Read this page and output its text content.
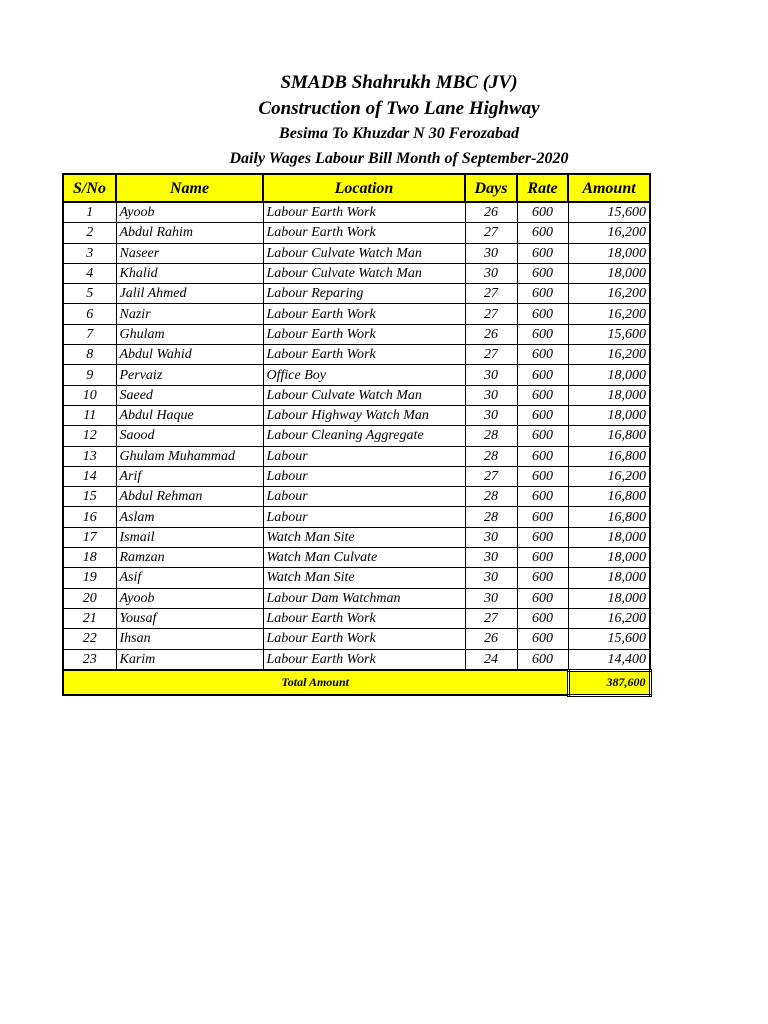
SMADB Shahrukh MBC (JV)
Construction of Two Lane Highway
Besima To Khuzdar N 30 Ferozabad
Daily Wages Labour Bill Month of September-2020
S/No	Name	Location	Days	Rate	Amount
1	Ayoob	Labour Earth Work	26	600	15,600
2	Abdul Rahim	Labour Earth Work	27	600	16,200
3	Naseer	Labour Culvate Watch Man	30	600	18,000
4	Khalid	Labour Culvate Watch Man	30	600	18,000
5	Jalil Ahmed	Labour Reparing	27	600	16,200
6	Nazir	Labour Earth Work	27	600	16,200
7	Ghulam	Labour Earth Work	26	600	15,600
8	Abdul Wahid	Labour Earth Work	27	600	16,200
9	Pervaiz	Office Boy	30	600	18,000
10	Saeed	Labour Culvate Watch Man	30	600	18,000
11	Abdul Haque	Labour Highway Watch Man	30	600	18,000
12	Saood	Labour Cleaning Aggregate	28	600	16,800
13	Ghulam Muhammad	Labour	28	600	16,800
14	Arif	Labour	27	600	16,200
15	Abdul Rehman	Labour	28	600	16,800
16	Aslam	Labour	28	600	16,800
17	Ismail	Watch Man Site	30	600	18,000
18	Ramzan	Watch Man Culvate	30	600	18,000
19	Asif	Watch Man Site	30	600	18,000
20	Ayoob	Labour Dam Watchman	30	600	18,000
21	Yousaf	Labour Earth Work	27	600	16,200
22	Ihsan	Labour Earth Work	26	600	15,600
23	Karim	Labour Earth Work	24	600	14,400
Total Amount					387,600
